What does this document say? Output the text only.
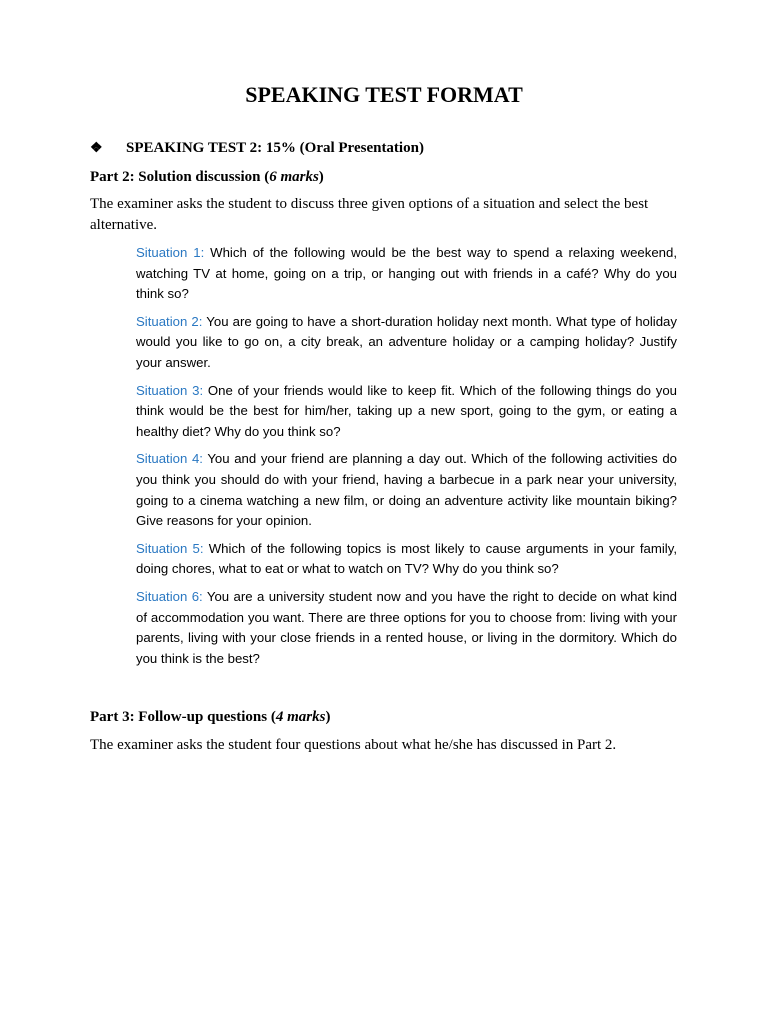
SPEAKING TEST FORMAT
❖ SPEAKING TEST 2: 15% (Oral Presentation)
Part 2: Solution discussion (6 marks)

The examiner asks the student to discuss three given options of a situation and select the best alternative.

Situation 1: Which of the following would be the best way to spend a relaxing weekend, watching TV at home, going on a trip, or hanging out with friends in a café? Why do you think so?
Situation 2: You are going to have a short-duration holiday next month. What type of holiday would you like to go on, a city break, an adventure holiday or a camping holiday? Justify your answer.
Situation 3: One of your friends would like to keep fit. Which of the following things do you think would be the best for him/her, taking up a new sport, going to the gym, or eating a healthy diet? Why do you think so?
Situation 4: You and your friend are planning a day out. Which of the following activities do you think you should do with your friend, having a barbecue in a park near your university, going to a cinema watching a new film, or doing an adventure activity like mountain biking? Give reasons for your opinion.
Situation 5: Which of the following topics is most likely to cause arguments in your family, doing chores, what to eat or what to watch on TV? Why do you think so?
Situation 6: You are a university student now and you have the right to decide on what kind of accommodation you want. There are three options for you to choose from: living with your parents, living with your close friends in a rented house, or living in the dormitory. Which do you think is the best?
Part 3: Follow-up questions (4 marks)

The examiner asks the student four questions about what he/she has discussed in Part 2.
